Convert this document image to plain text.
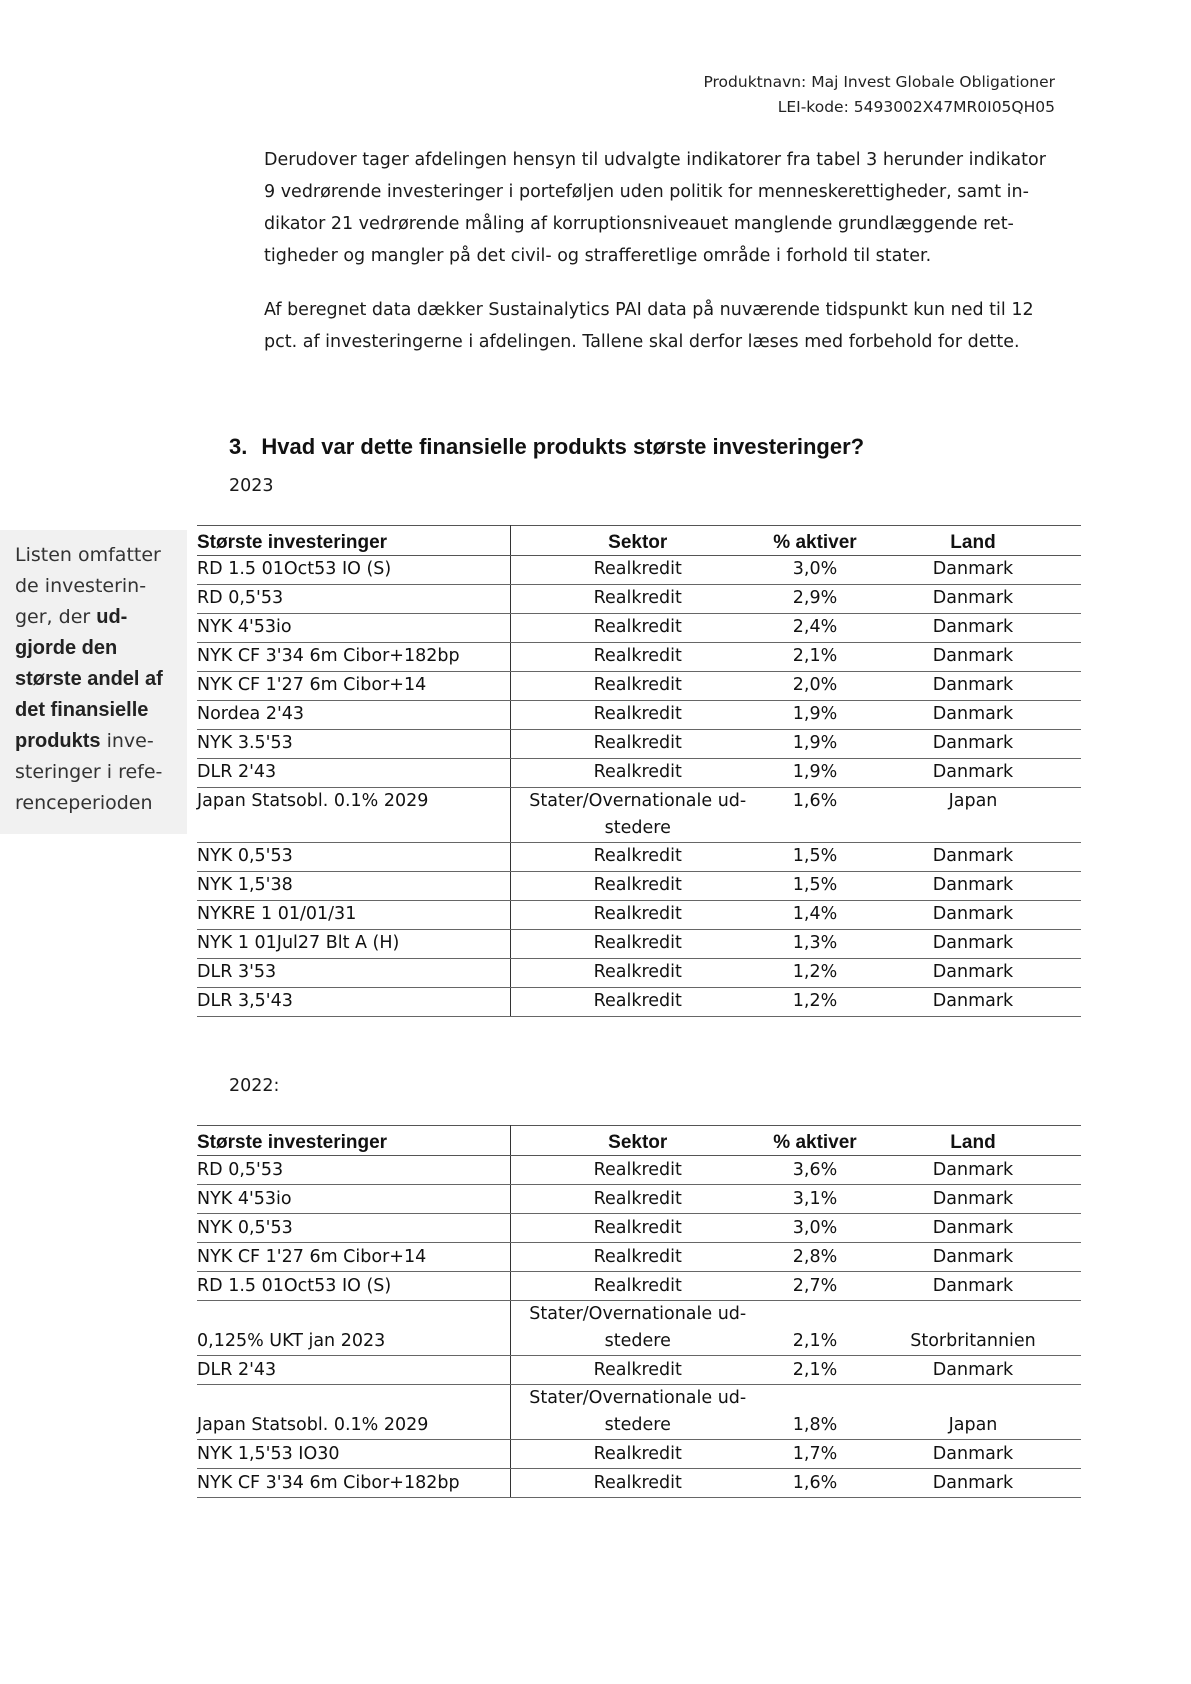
Produktnavn: Maj Invest Globale Obligationer
LEI-kode: 5493002X47MR0I05QH05
Derudover tager afdelingen hensyn til udvalgte indikatorer fra tabel 3 herunder indikator
9 vedrørende investeringer i porteføljen uden politik for menneskerettigheder, samt in-
dikator 21 vedrørende måling af korruptionsniveauet manglende grundlæggende ret-
tigheder og mangler på det civil- og strafferetlige område i forhold til stater.
Af beregnet data dækker Sustainalytics PAI data på nuværende tidspunkt kun ned til 12
pct. af investeringerne i afdelingen. Tallene skal derfor læses med forbehold for dette.
3. Hvad var dette finansielle produkts største investeringer?
2023
Listen omfatter
de investerin-
ger, der ud-
gjorde den
største andel af
det finansielle
produkts inve-
steringer i refe-
renceperioden
Største investeringer	Sektor	% aktiver	Land

RD 1.5 01Oct53 IO (S)	Realkredit	3,0%	Danmark

RD 0,5'53	Realkredit	2,9%	Danmark

NYK 4'53io	Realkredit	2,4%	Danmark

NYK CF 3'34 6m Cibor+182bp	Realkredit	2,1%	Danmark

NYK CF 1'27 6m Cibor+14	Realkredit	2,0%	Danmark

Nordea 2'43	Realkredit	1,9%	Danmark

NYK 3.5'53	Realkredit	1,9%	Danmark

DLR 2'43	Realkredit	1,9%	Danmark

Japan Statsobl. 0.1% 2029	Stater/Overnationale ud-
stedere	1,6%	Japan

NYK 0,5'53	Realkredit	1,5%	Danmark

NYK 1,5'38	Realkredit	1,5%	Danmark

NYKRE 1 01/01/31	Realkredit	1,4%	Danmark

NYK 1 01Jul27 Blt A (H)	Realkredit	1,3%	Danmark

DLR 3'53	Realkredit	1,2%	Danmark

DLR 3,5'43	Realkredit	1,2%	Danmark
2022:
Største investeringer	Sektor	% aktiver	Land

RD 0,5'53	Realkredit	3,6%	Danmark

NYK 4'53io	Realkredit	3,1%	Danmark

NYK 0,5'53	Realkredit	3,0%	Danmark

NYK CF 1'27 6m Cibor+14	Realkredit	2,8%	Danmark

RD 1.5 01Oct53 IO (S)	Realkredit	2,7%	Danmark

0,125% UKT jan 2023	Stater/Overnationale ud-
stedere	2,1%	Storbritannien

DLR 2'43	Realkredit	2,1%	Danmark

Japan Statsobl. 0.1% 2029	Stater/Overnationale ud-
stedere	1,8%	Japan

NYK 1,5'53 IO30	Realkredit	1,7%	Danmark

NYK CF 3'34 6m Cibor+182bp	Realkredit	1,6%	Danmark
